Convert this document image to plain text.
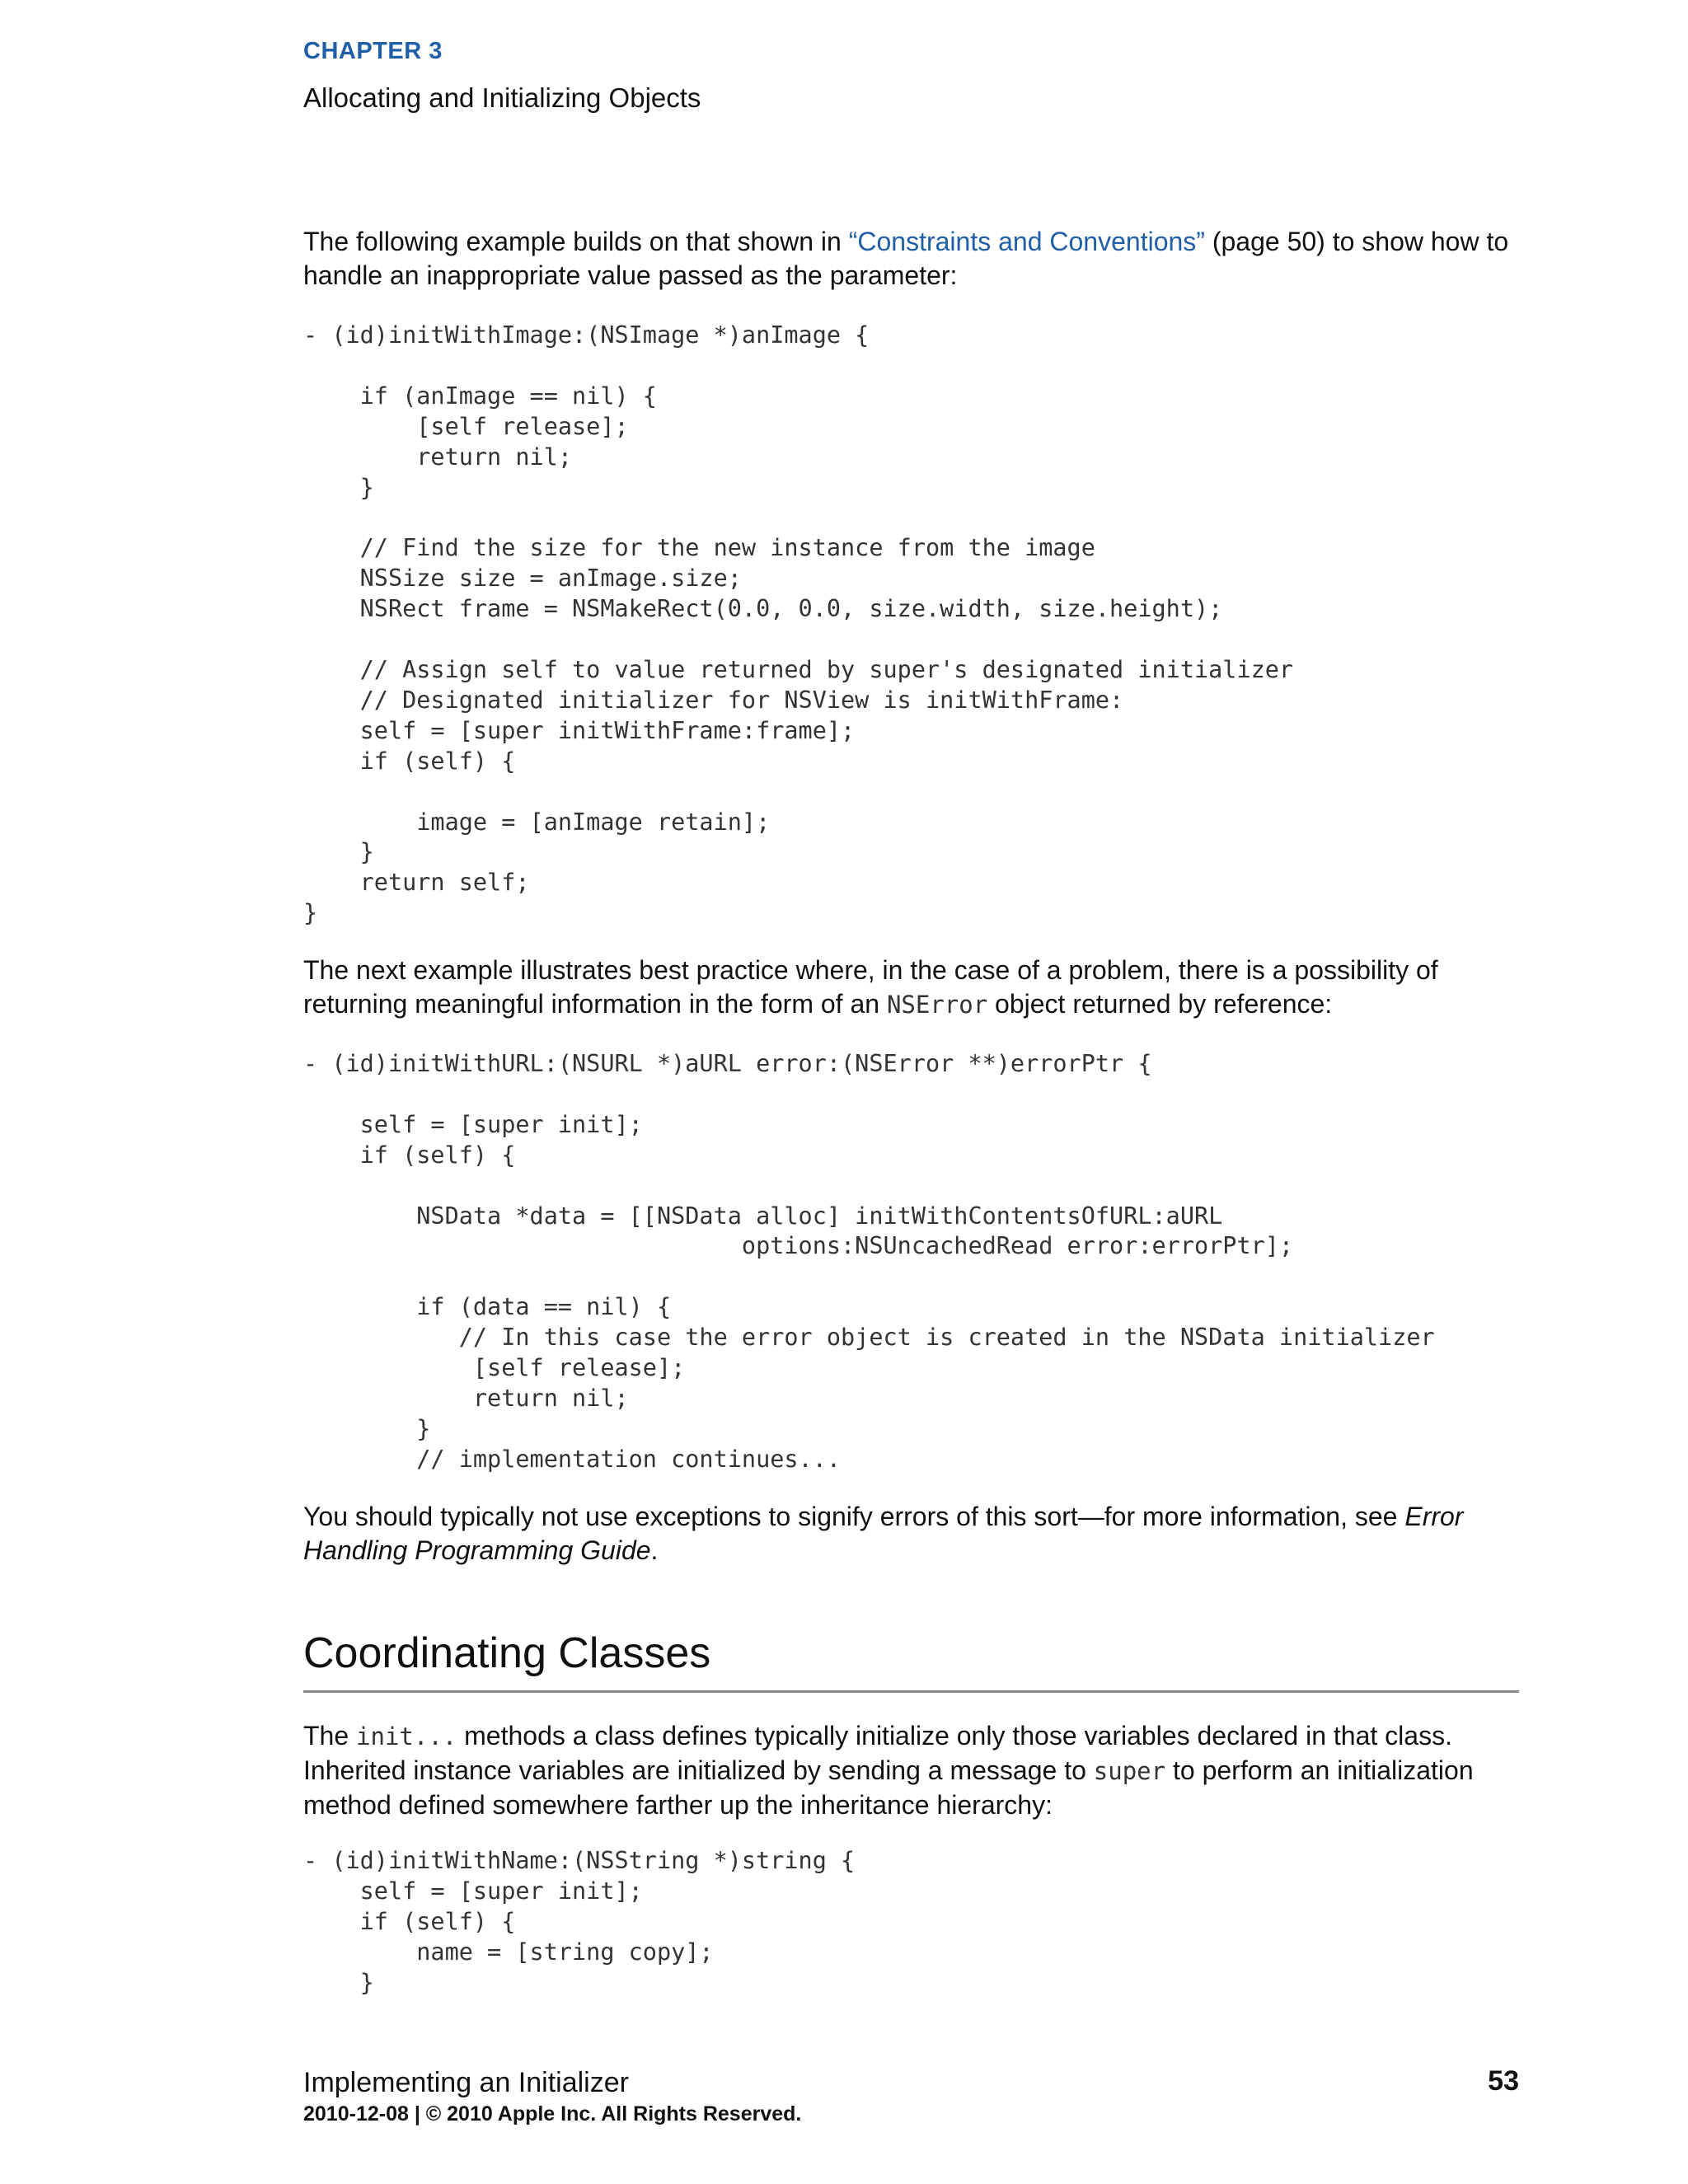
CHAPTER 3
Allocating and Initializing Objects

The following example builds on that shown in “Constraints and Conventions” (page 50) to show how to handle an inappropriate value passed as the parameter:

- (id)initWithImage:(NSImage *)anImage {

if (anImage == nil) {
[self release];
return nil;
}

// Find the size for the new instance from the image
NSSize size = anImage.size;
NSRect frame = NSMakeRect(0.0, 0.0, size.width, size.height);

// Assign self to value returned by super's designated initializer
// Designated initializer for NSView is initWithFrame:
self = [super initWithFrame:frame];
if (self) {

image = [anImage retain];
}
return self;
}

The next example illustrates best practice where, in the case of a problem, there is a possibility of returning meaningful information in the form of an NSError object returned by reference:

- (id)initWithURL:(NSURL *)aURL error:(NSError **)errorPtr {

self = [super init];
if (self) {

NSData *data = [[NSData alloc] initWithContentsOfURL:aURL
options:NSUncachedRead error:errorPtr];

if (data == nil) {
// In this case the error object is created in the NSData initializer
[self release];
return nil;
}
// implementation continues...

You should typically not use exceptions to signify errors of this sort—for more information, see Error Handling Programming Guide.

Coordinating Classes

The init... methods a class defines typically initialize only those variables declared in that class. Inherited instance variables are initialized by sending a message to super to perform an initialization method defined somewhere farther up the inheritance hierarchy:

- (id)initWithName:(NSString *)string {
self = [super init];
if (self) {
name = [string copy];
}
Implementing an Initializer	53
2010-12-08 | © 2010 Apple Inc. All Rights Reserved.
